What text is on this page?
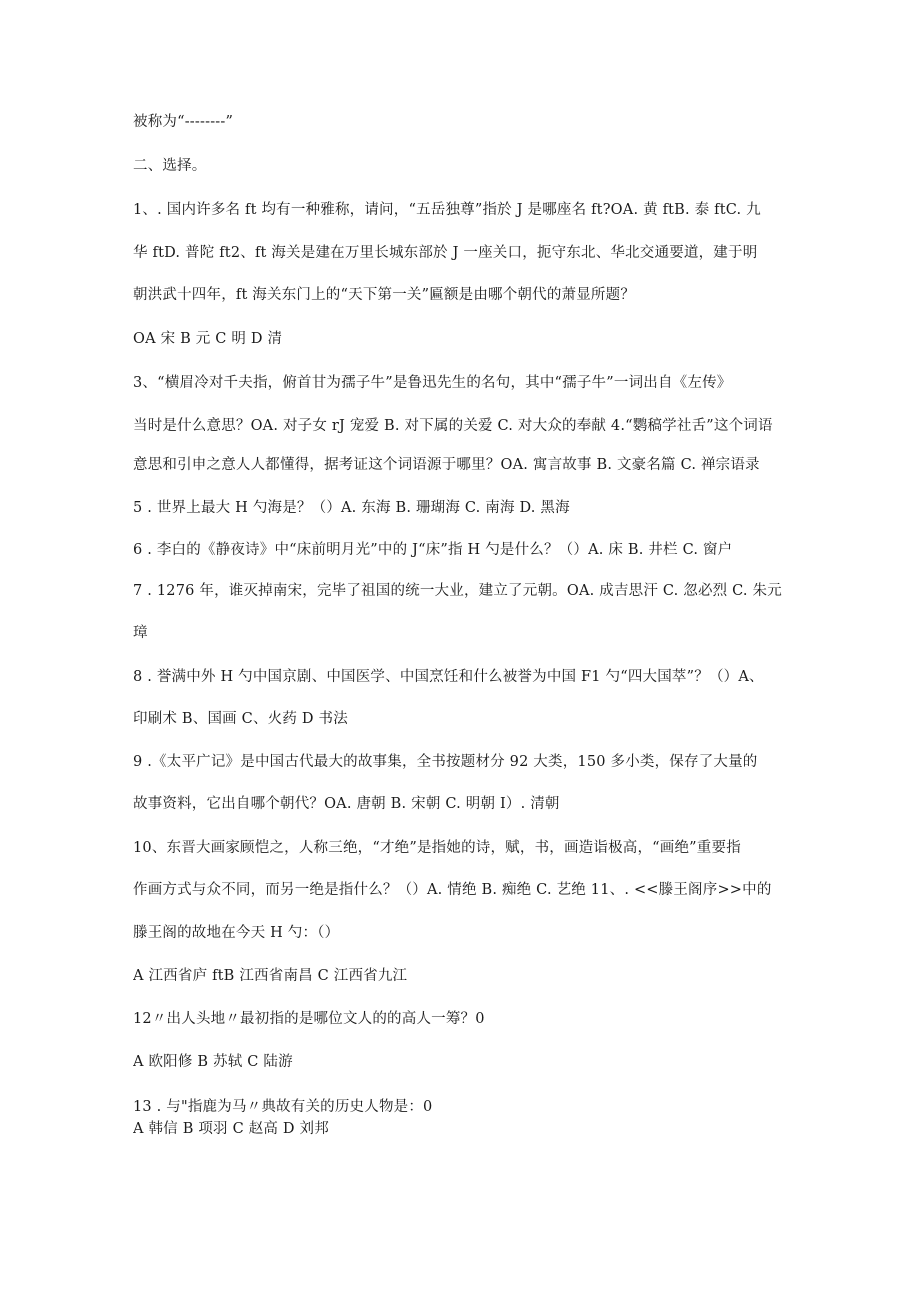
被称为“--------”
二、选择。
1、. 国内许多名 ft 均有一种雅称，请问，“五岳独尊”指於 J 是哪座名 ft?OA. 黄 ftB. 泰 ftC. 九
华 ftD. 普陀 ft2、ft 海关是建在万里长城东部於 J 一座关口，扼守东北、华北交通要道，建于明
朝洪武十四年，ft 海关东门上的“天下第一关”匾额是由哪个朝代的萧显所题？
OA 宋 B 元 C 明 D 清
3、“横眉冷对千夫指，俯首甘为孺子牛”是鲁迅先生的名句，其中“孺子牛”一词出自《左传》
当时是什么意思？OA. 对子女 rJ 宠爱 B. 对下属的关爱 C. 对大众的奉献 4.“鹦稿学社舌”这个词语
意思和引申之意人人都懂得，据考证这个词语源于哪里？OA. 寓言故事 B. 文豪名篇 C. 禅宗语录
5 . 世界上最大 H 勺海是？（）A. 东海 B. 珊瑚海 C. 南海 D. 黑海
6 . 李白的《静夜诗》中“床前明月光”中的 J“床”指 H 勺是什么？（）A. 床 B. 井栏 C. 窗户
7 . 1276 年，谁灭掉南宋，完毕了祖国的统一大业，建立了元朝。OA. 成吉思汗 C. 忽必烈 C. 朱元
璋
8 . 誉满中外 H 勺中国京剧、中国医学、中国烹饪和什么被誉为中国 F1 勺“四大国萃”？（）A、
印刷术 B、国画 C、火药 D 书法
9 .《太平广记》是中国古代最大的故事集，全书按题材分 92 大类，150 多小类，保存了大量的
故事资料，它出自哪个朝代？OA. 唐朝 B. 宋朝 C. 明朝 I）. 清朝
10、东晋大画家顾恺之，人称三绝，“才绝”是指她的诗，赋，书，画造诣极高，“画绝”重要指
作画方式与众不同，而另一绝是指什么？（）A. 情绝 B. 痴绝 C. 艺绝 11、. <<滕王阁序>>中的
滕王阁的故地在今天 H 勺：（）
A 江西省庐 ftB 江西省南昌 C 江西省九江
12〃出人头地〃最初指的是哪位文人的的高人一筹？0
A 欧阳修 B 苏轼 C 陆游
13 . 与"指鹿为马〃典故有关的历史人物是：0
A 韩信 B 项羽 C 赵高 D 刘邦
